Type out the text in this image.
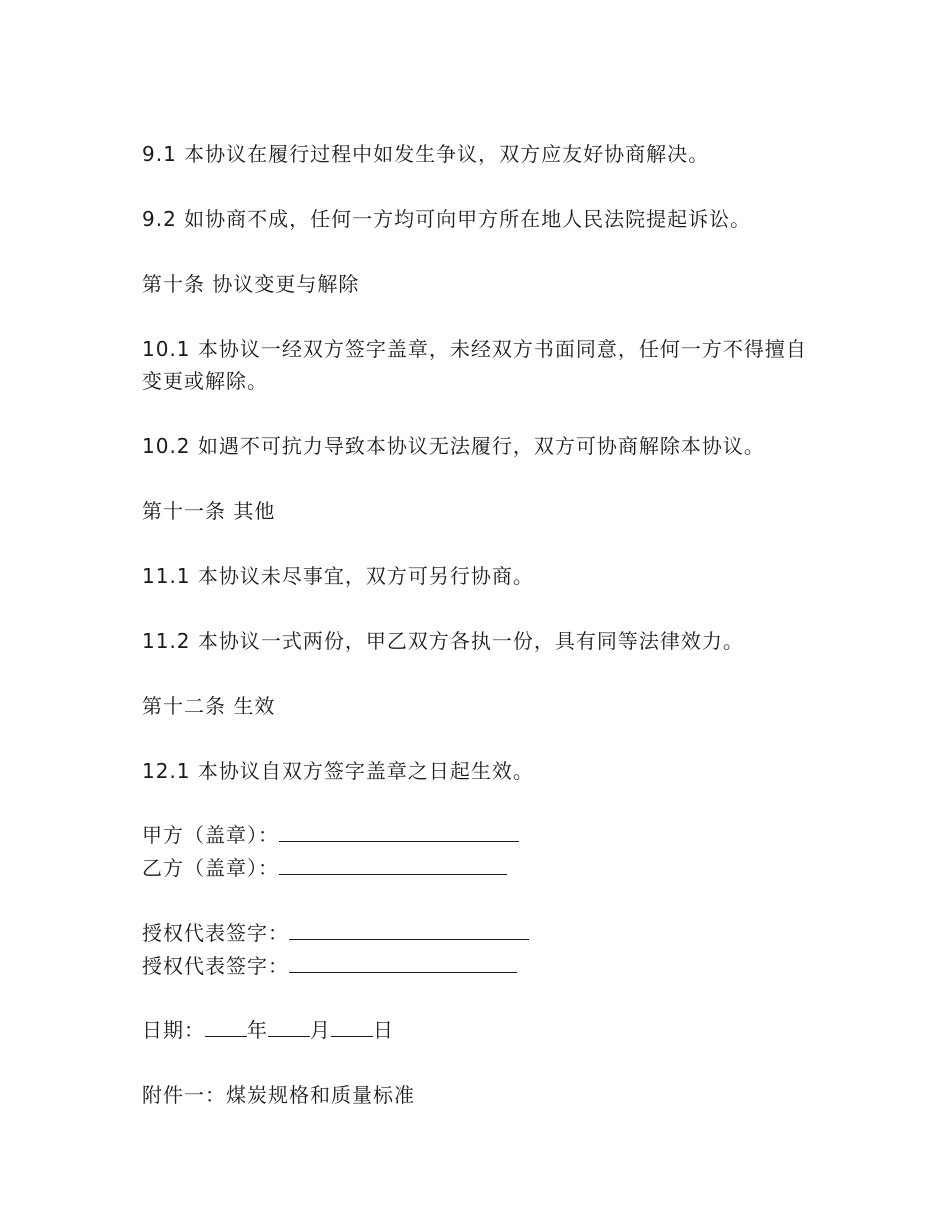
9.1 本协议在履行过程中如发生争议，双方应友好协商解决。
9.2 如协商不成，任何一方均可向甲方所在地人民法院提起诉讼。
第十条 协议变更与解除
10.1 本协议一经双方签字盖章，未经双方书面同意，任何一方不得擅自变更或解除。
10.2 如遇不可抗力导致本协议无法履行，双方可协商解除本协议。
第十一条 其他
11.1 本协议未尽事宜，双方可另行协商。
11.2 本协议一式两份，甲乙双方各执一份，具有同等法律效力。
第十二条 生效
12.1 本协议自双方签字盖章之日起生效。
甲方（盖章）：
乙方（盖章）：
授权代表签字：
授权代表签字：
日期： 年 月 日
附件一：煤炭规格和质量标准
